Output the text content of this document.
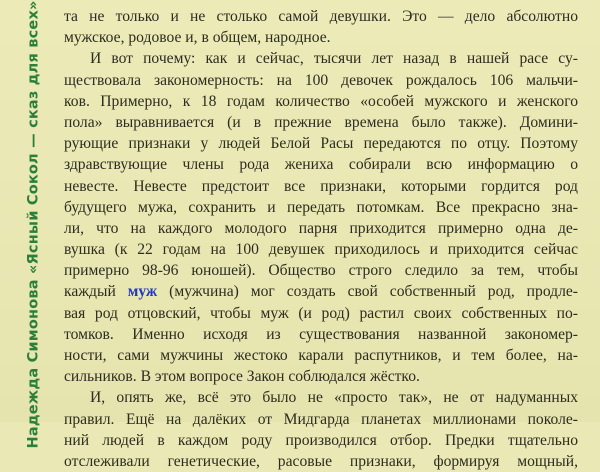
Надежда Симонова «Ясный Сокол — сказ для всех» та не только и не столько самой девушки. Это — дело абсолютно
мужское, родовое и, в общем, народное.
И вот почему: как и сейчас, тысячи лет назад в нашей расе су-
ществовала закономерность: на 100 девочек рождалось 106 мальчи-
ков. Примерно, к 18 годам количество «особей мужского и женского
пола» выравнивается (и в прежние времена было также). Домини-
рующие признаки у людей Белой Расы передаются по отцу. Поэтому
здравствующие члены рода жениха собирали всю информацию о
невесте. Невесте предстоит все признаки, которыми гордится род
будущего мужа, сохранить и передать потомкам. Все прекрасно зна-
ли, что на каждого молодого парня приходится примерно одна де-
вушка (к 22 годам на 100 девушек приходилось и приходится сейчас
примерно 98-96 юношей). Общество строго следило за тем, чтобы
каждый муж (мужчина) мог создать свой собственный род, продле-
вая род отцовский, чтобы муж (и род) растил своих собственных по-
томков. Именно исходя из существования названной закономер-
ности, сами мужчины жестоко карали распутников, и тем более, на-
сильников. В этом вопросе Закон соблюдался жёстко.
И, опять же, всё это было не «просто так», не от надуманных
правил. Ещё на далёких от Мидгарда планетах миллионами поколе-
ний людей в каждом роду производился отбор. Предки тщательно
отслеживали генетические, расовые признаки, формируя мощный,
